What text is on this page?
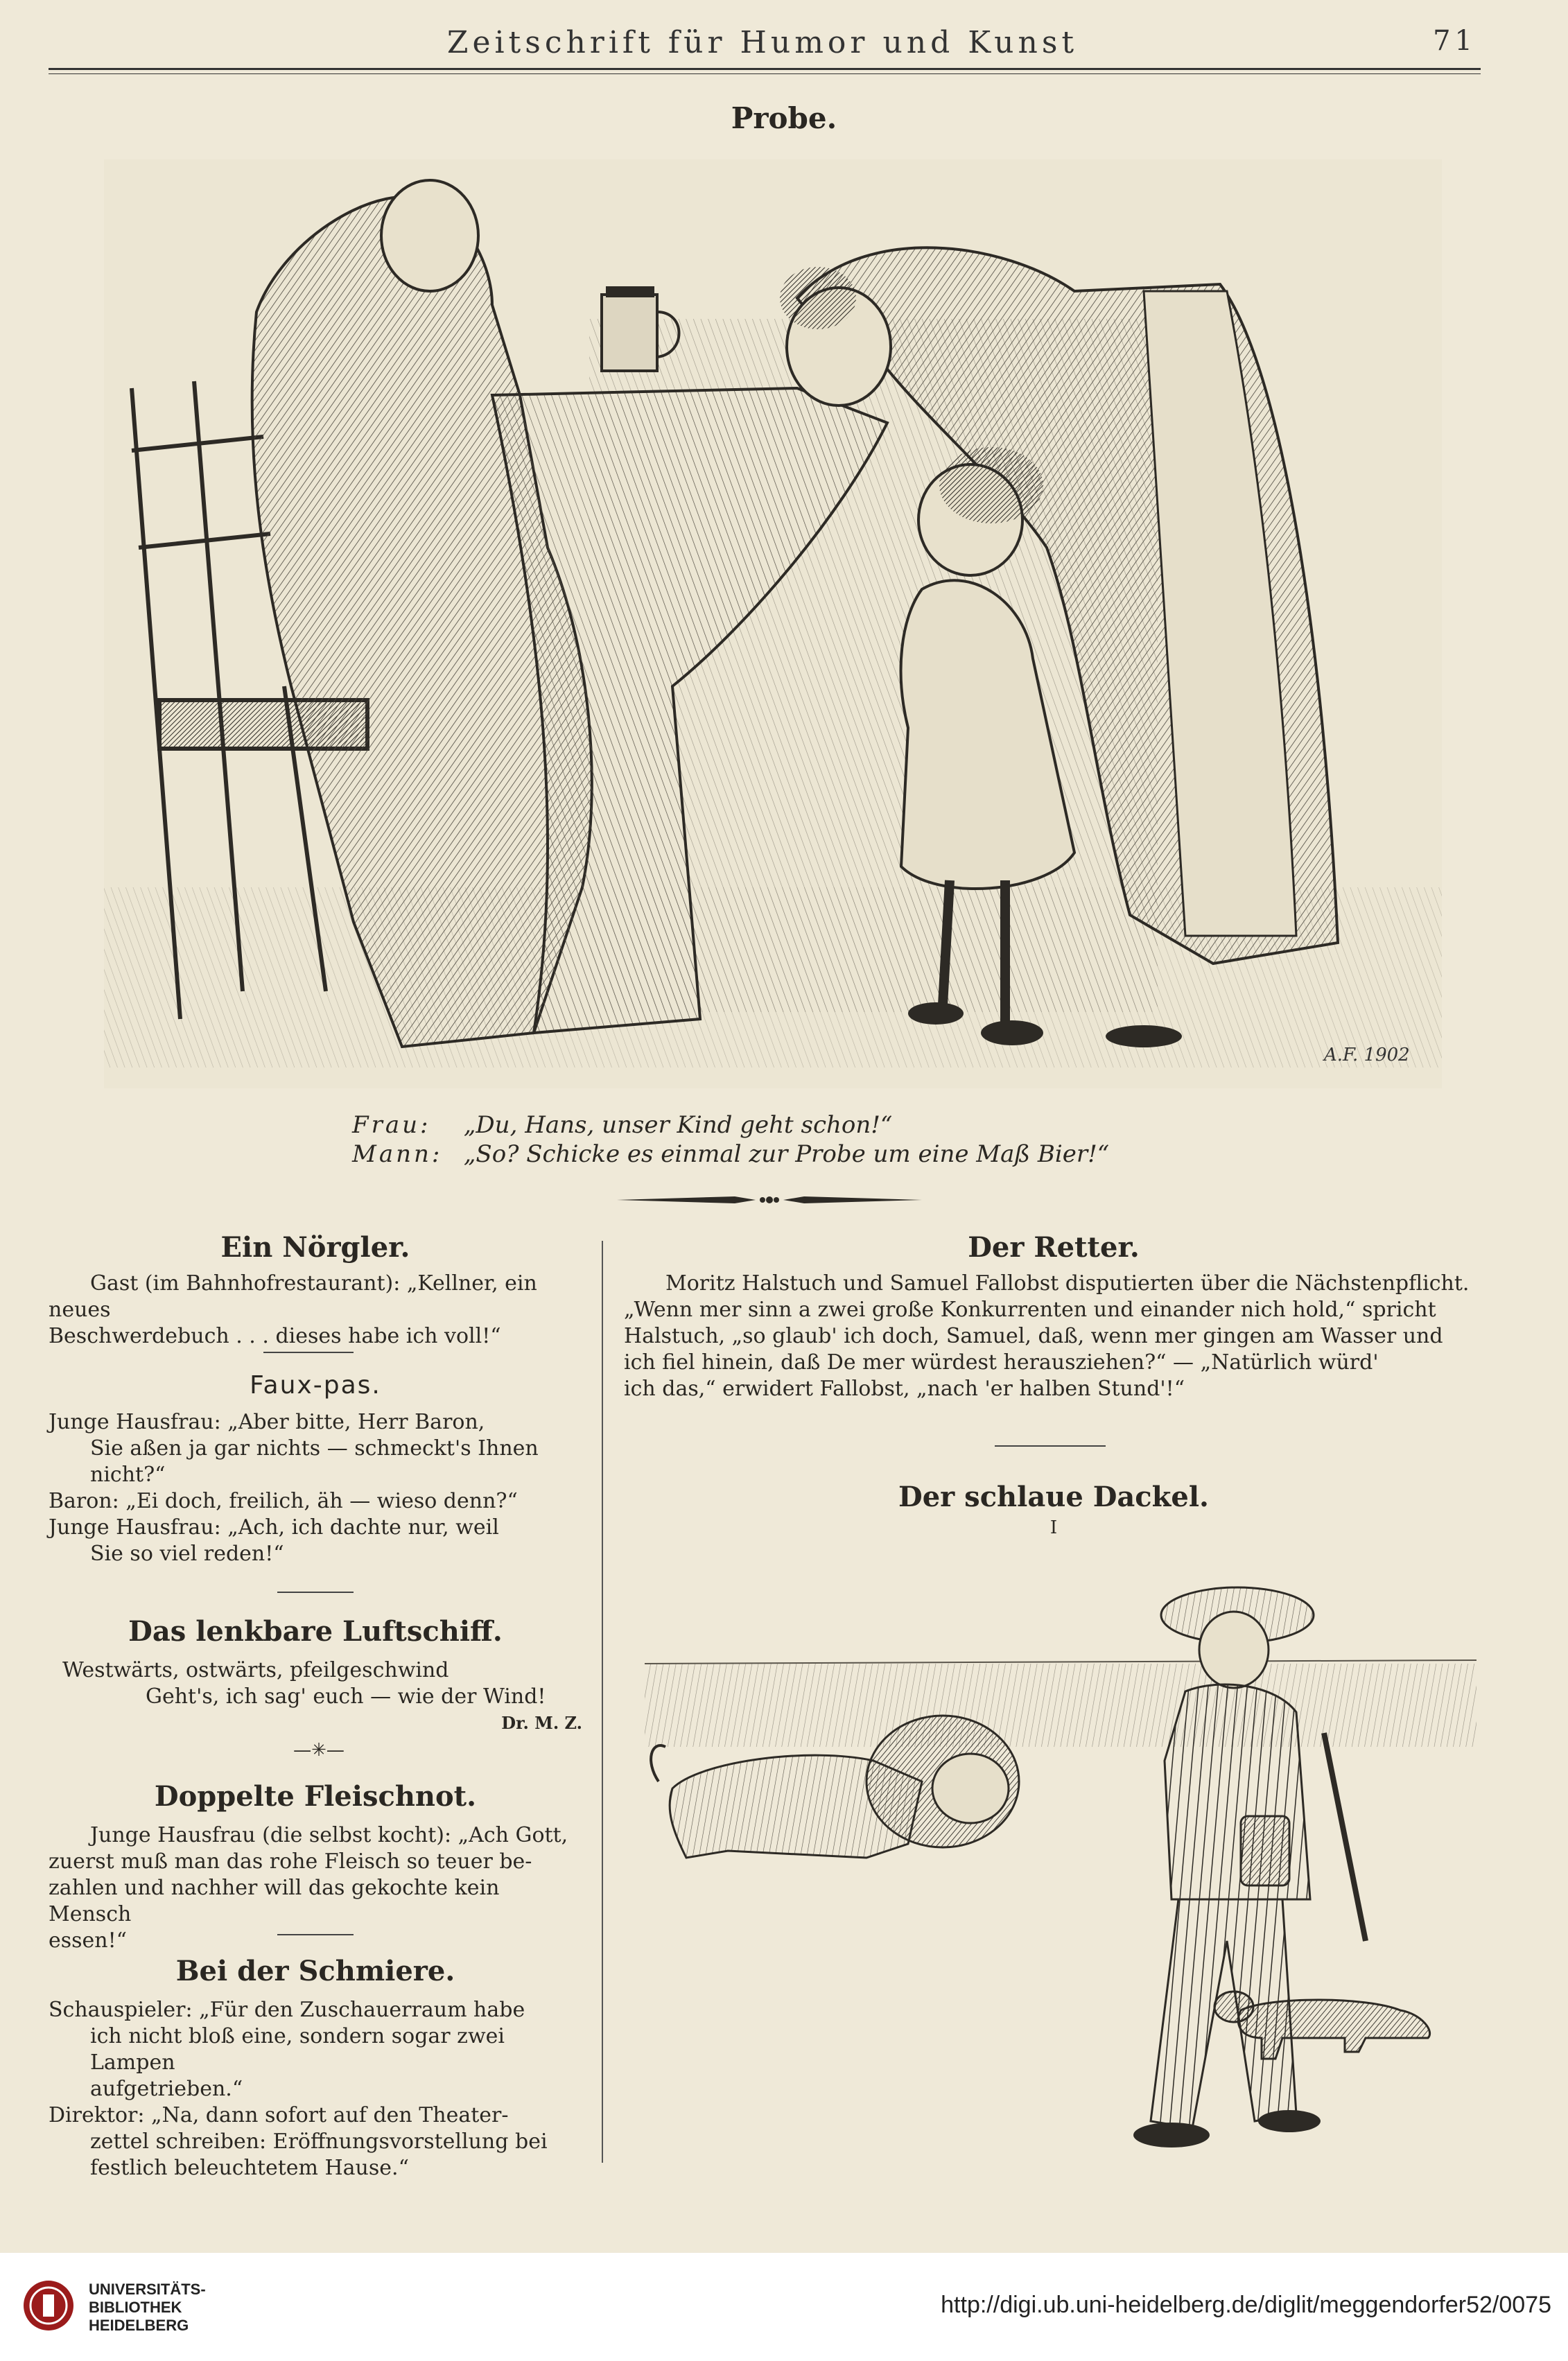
Zeitschrift für Humor und Kunst	71
Probe.
A.F. 1902
Frau: „Du, Hans, unser Kind geht schon!“
Mann: „So? Schicke es einmal zur Probe um eine Maß Bier!“
Ein Nörgler.
Gast (im Bahnhofrestaurant): „Kellner, ein neues
Beschwerdebuch . . . dieses habe ich voll!“
Faux-pas.
Junge Hausfrau: „Aber bitte, Herr Baron,
Sie aßen ja gar nichts — schmeckt's Ihnen
nicht?“
Baron: „Ei doch, freilich, äh — wieso denn?“
Junge Hausfrau: „Ach, ich dachte nur, weil
Sie so viel reden!“
Das lenkbare Luftschiff.
Westwärts, ostwärts, pfeilgeschwind
Geht's, ich sag' euch — wie der Wind!
Dr. M. Z.
—✳—
Doppelte Fleischnot.
Junge Hausfrau (die selbst kocht): „Ach Gott,
zuerst muß man das rohe Fleisch so teuer be-
zahlen und nachher will das gekochte kein Mensch
essen!“
Bei der Schmiere.
Schauspieler: „Für den Zuschauerraum habe
ich nicht bloß eine, sondern sogar zwei Lampen
aufgetrieben.“
Direktor: „Na, dann sofort auf den Theater-
zettel schreiben: Eröffnungsvorstellung bei
festlich beleuchtetem Hause.“
Der Retter.
Moritz Halstuch und Samuel Fallobst disputierten über die Nächstenpflicht.
„Wenn mer sinn a zwei große Konkurrenten und einander nich hold,“ spricht
Halstuch, „so glaub' ich doch, Samuel, daß, wenn mer gingen am Wasser und
ich fiel hinein, daß De mer würdest herausziehen?“ — „Natürlich würd'
ich das,“ erwidert Fallobst, „nach 'er halben Stund'!“
Der schlaue Dackel.
I
UNIVERSITÄTS-
BIBLIOTHEK
HEIDELBERG
http://digi.ub.uni-heidelberg.de/diglit/meggendorfer52/0075
